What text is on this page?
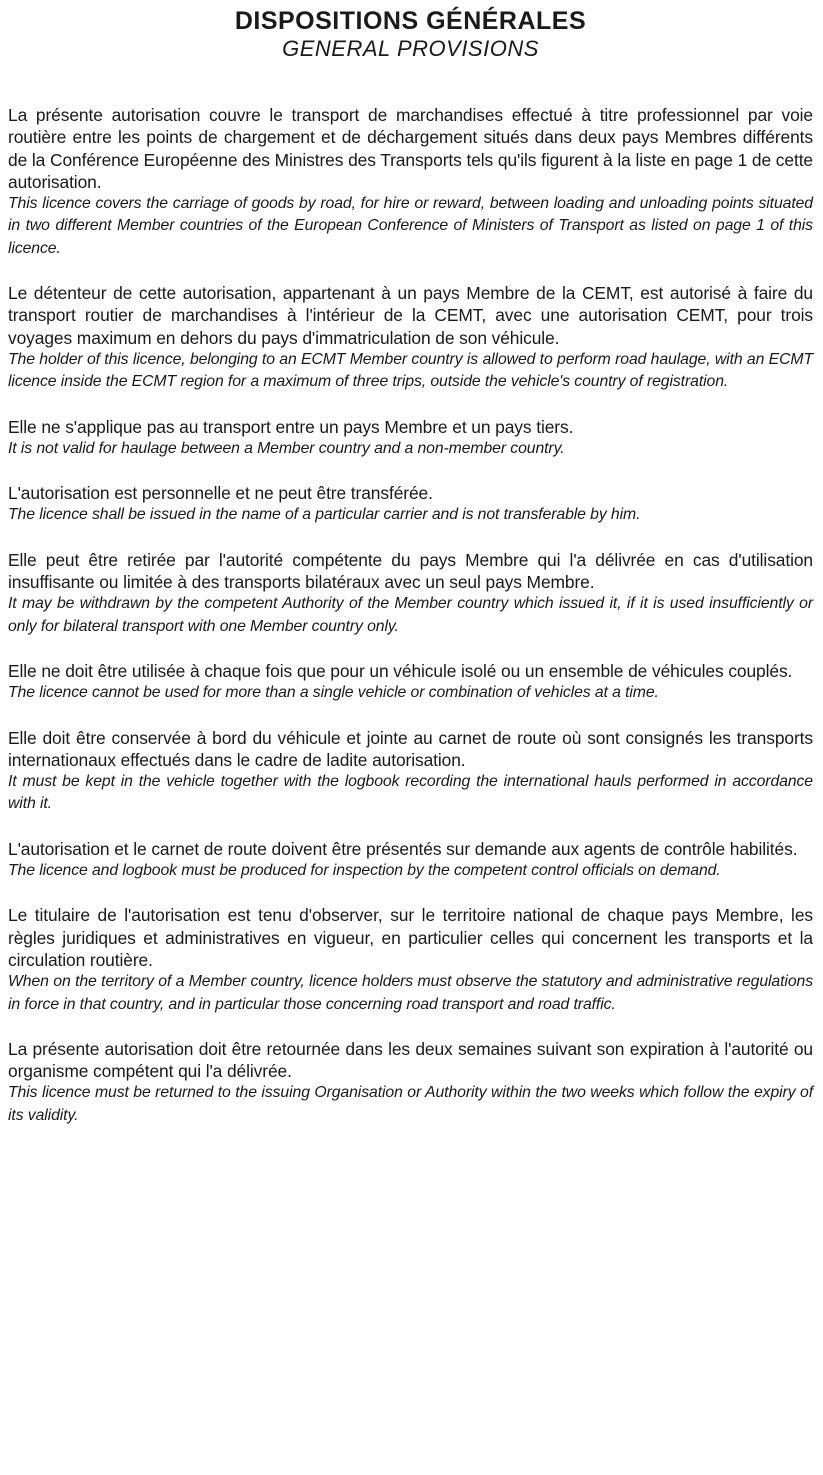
DISPOSITIONS GÉNÉRALES
GENERAL PROVISIONS

La présente autorisation couvre le transport de marchandises effectué à titre professionnel par voie routière entre les points de chargement et de déchargement situés dans deux pays Membres différents de la Conférence Européenne des Ministres des Transports tels qu'ils figurent à la liste en page 1 de cette autorisation.

This licence covers the carriage of goods by road, for hire or reward, between loading and unloading points situated in two different Member countries of the European Conference of Ministers of Transport as listed on page 1 of this licence.

Le détenteur de cette autorisation, appartenant à un pays Membre de la CEMT, est autorisé à faire du transport routier de marchandises à l'intérieur de la CEMT, avec une autorisation CEMT, pour trois voyages maximum en dehors du pays d'immatriculation de son véhicule.

The holder of this licence, belonging to an ECMT Member country is allowed to perform road haulage, with an ECMT licence inside the ECMT region for a maximum of three trips, outside the vehicle's country of registration.

Elle ne s'applique pas au transport entre un pays Membre et un pays tiers.

It is not valid for haulage between a Member country and a non-member country.

L'autorisation est personnelle et ne peut être transférée.

The licence shall be issued in the name of a particular carrier and is not transferable by him.

Elle peut être retirée par l'autorité compétente du pays Membre qui l'a délivrée en cas d'utilisation insuffisante ou limitée à des transports bilatéraux avec un seul pays Membre.

It may be withdrawn by the competent Authority of the Member country which issued it, if it is used insufficiently or only for bilateral transport with one Member country only.

Elle ne doit être utilisée à chaque fois que pour un véhicule isolé ou un ensemble de véhicules couplés.

The licence cannot be used for more than a single vehicle or combination of vehicles at a time.

Elle doit être conservée à bord du véhicule et jointe au carnet de route où sont consignés les transports internationaux effectués dans le cadre de ladite autorisation.

It must be kept in the vehicle together with the logbook recording the international hauls performed in accordance with it.

L'autorisation et le carnet de route doivent être présentés sur demande aux agents de contrôle habilités.

The licence and logbook must be produced for inspection by the competent control officials on demand.

Le titulaire de l'autorisation est tenu d'observer, sur le territoire national de chaque pays Membre, les règles juridiques et administratives en vigueur, en particulier celles qui concernent les transports et la circulation routière.

When on the territory of a Member country, licence holders must observe the statutory and administrative regulations in force in that country, and in particular those concerning road transport and road traffic.

La présente autorisation doit être retournée dans les deux semaines suivant son expiration à l'autorité ou organisme compétent qui l'a délivrée.

This licence must be returned to the issuing Organisation or Authority within the two weeks which follow the expiry of its validity.
